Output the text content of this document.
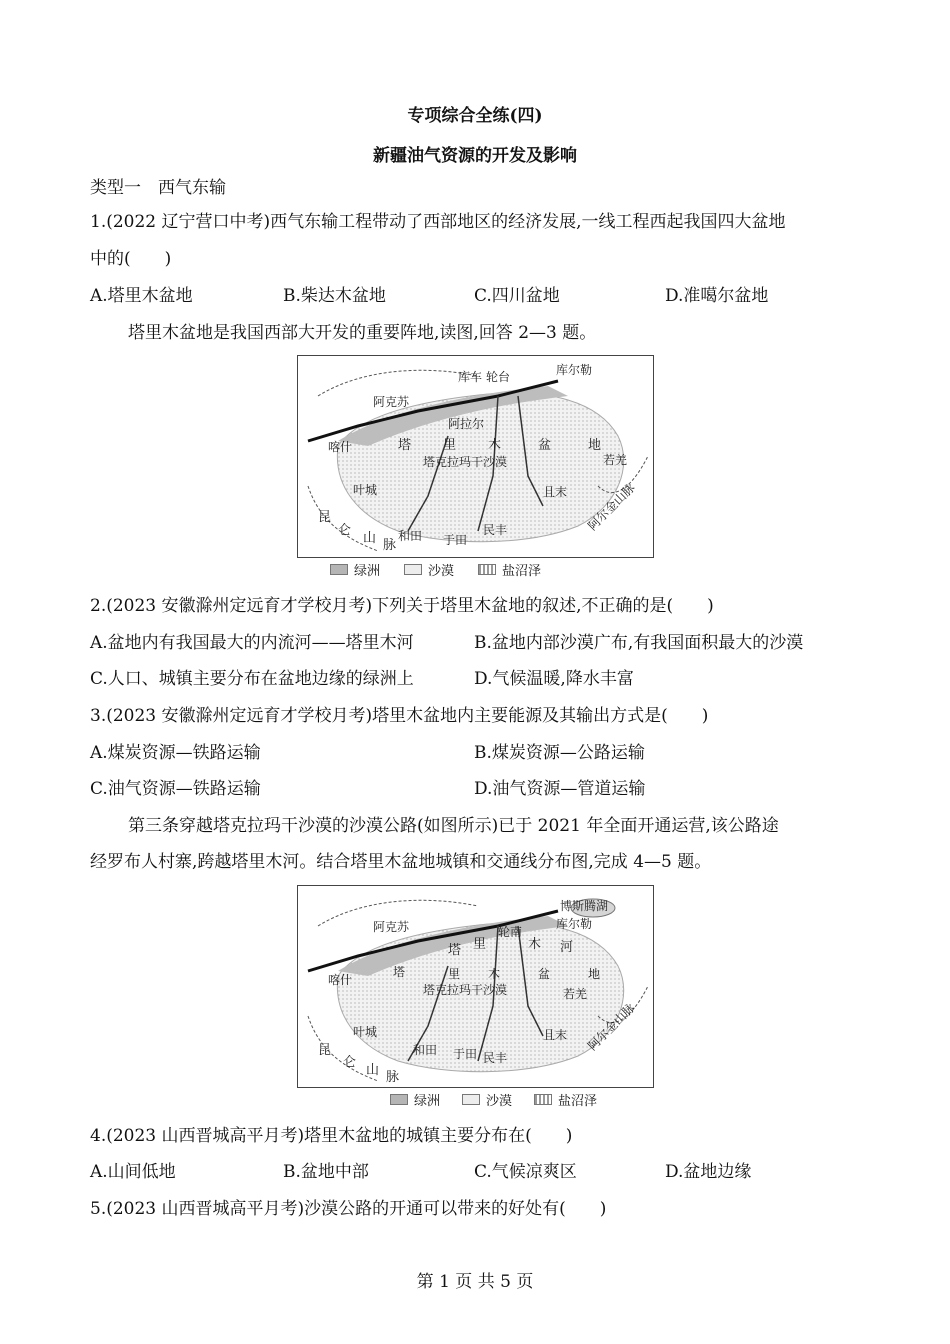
专项综合全练(四)
新疆油气资源的开发及影响
类型一　西气东输
1.(2022 辽宁营口中考)西气东输工程带动了西部地区的经济发展,一线工程西起我国四大盆地
中的(　　)
A.塔里木盆地	B.柴达木盆地	C.四川盆地	D.准噶尔盆地
塔里木盆地是我国西部大开发的重要阵地,读图,回答 2—3 题。
库车 轮台	库尔勒
阿克苏
阿拉尔
喀什	塔 里 木	盆	地
塔克拉玛干沙漠	若羌
且末
叶城
和田 于田
民丰
昆
仑
山 脉
阿尔金山脉
绿洲	沙漠	盐沼泽
2.(2023 安徽滁州定远育才学校月考)下列关于塔里木盆地的叙述,不正确的是(　　)
A.盆地内有我国最大的内流河——塔里木河	B.盆地内部沙漠广布,有我国面积最大的沙漠
C.人口、城镇主要分布在盆地边缘的绿洲上	D.气候温暖,降水丰富
3.(2023 安徽滁州定远育才学校月考)塔里木盆地内主要能源及其输出方式是(　　)
A.煤炭资源—铁路运输	B.煤炭资源—公路运输
C.油气资源—铁路运输	D.油气资源—管道运输
第三条穿越塔克拉玛干沙漠的沙漠公路(如图所示)已于 2021 年全面开通运营,该公路途
经罗布人村寨,跨越塔里木河。结合塔里木盆地城镇和交通线分布图,完成 4—5 题。
博斯腾湖
阿克苏	轮南
库尔勒
塔 里	木 河
喀什
塔	里 木	盆	地
塔克拉玛干沙漠	若羌
且末
叶城
和田 于田 民丰
昆
仑
山 脉
阿尔金山脉
绿洲	沙漠	盐沼泽
4.(2023 山西晋城高平月考)塔里木盆地的城镇主要分布在(　　)
A.山间低地	B.盆地中部	C.气候凉爽区	D.盆地边缘
5.(2023 山西晋城高平月考)沙漠公路的开通可以带来的好处有(　　)
第 1 页 共 5 页
